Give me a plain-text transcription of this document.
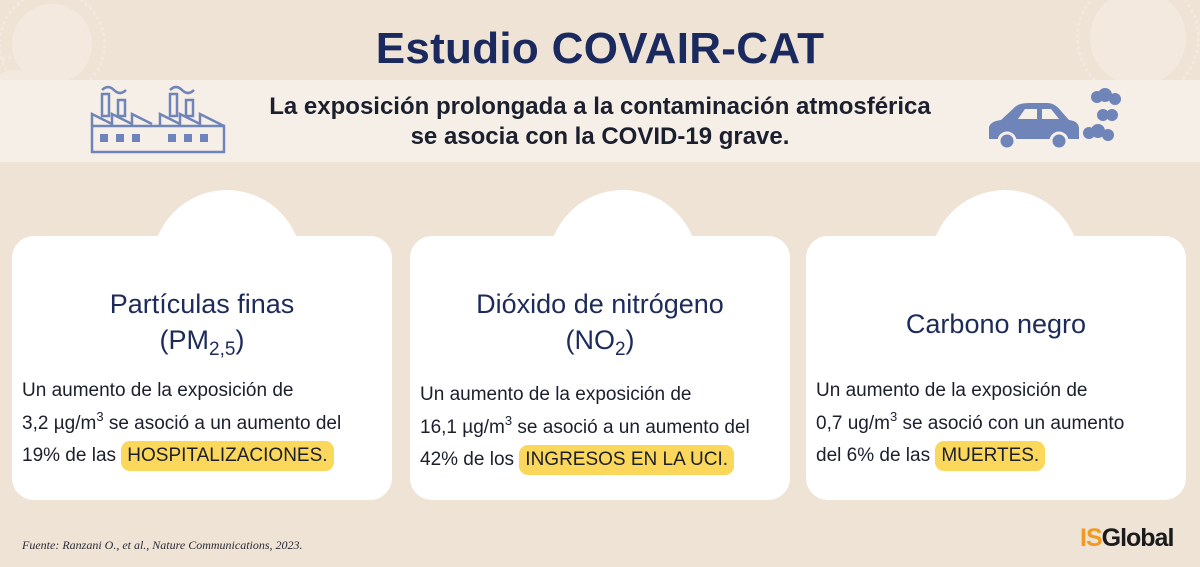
Estudio COVAIR-CAT
La exposición prolongada a la contaminación atmosférica
se asocia con la COVID-19 grave.
Partículas finas
$(PM_{2,5})$
Un aumento de la exposición de
3,2 $\mu g/m^3$ se asoció a un aumento del
19% de las HOSPITALIZACIONES.
Dióxido de nitrógeno
$(NO_2)$
Un aumento de la exposición de
16,1 $\mu g/m^3$ se asoció a un aumento del
42% de los INGRESOS EN LA UCI.
Carbono negro
Un aumento de la exposición de
0,7 $ug/m^3$ se asoció con un aumento
del 6% de las MUERTES.
Fuente: Ranzani O., et al., Nature Communications, 2023.	ISGlobal
